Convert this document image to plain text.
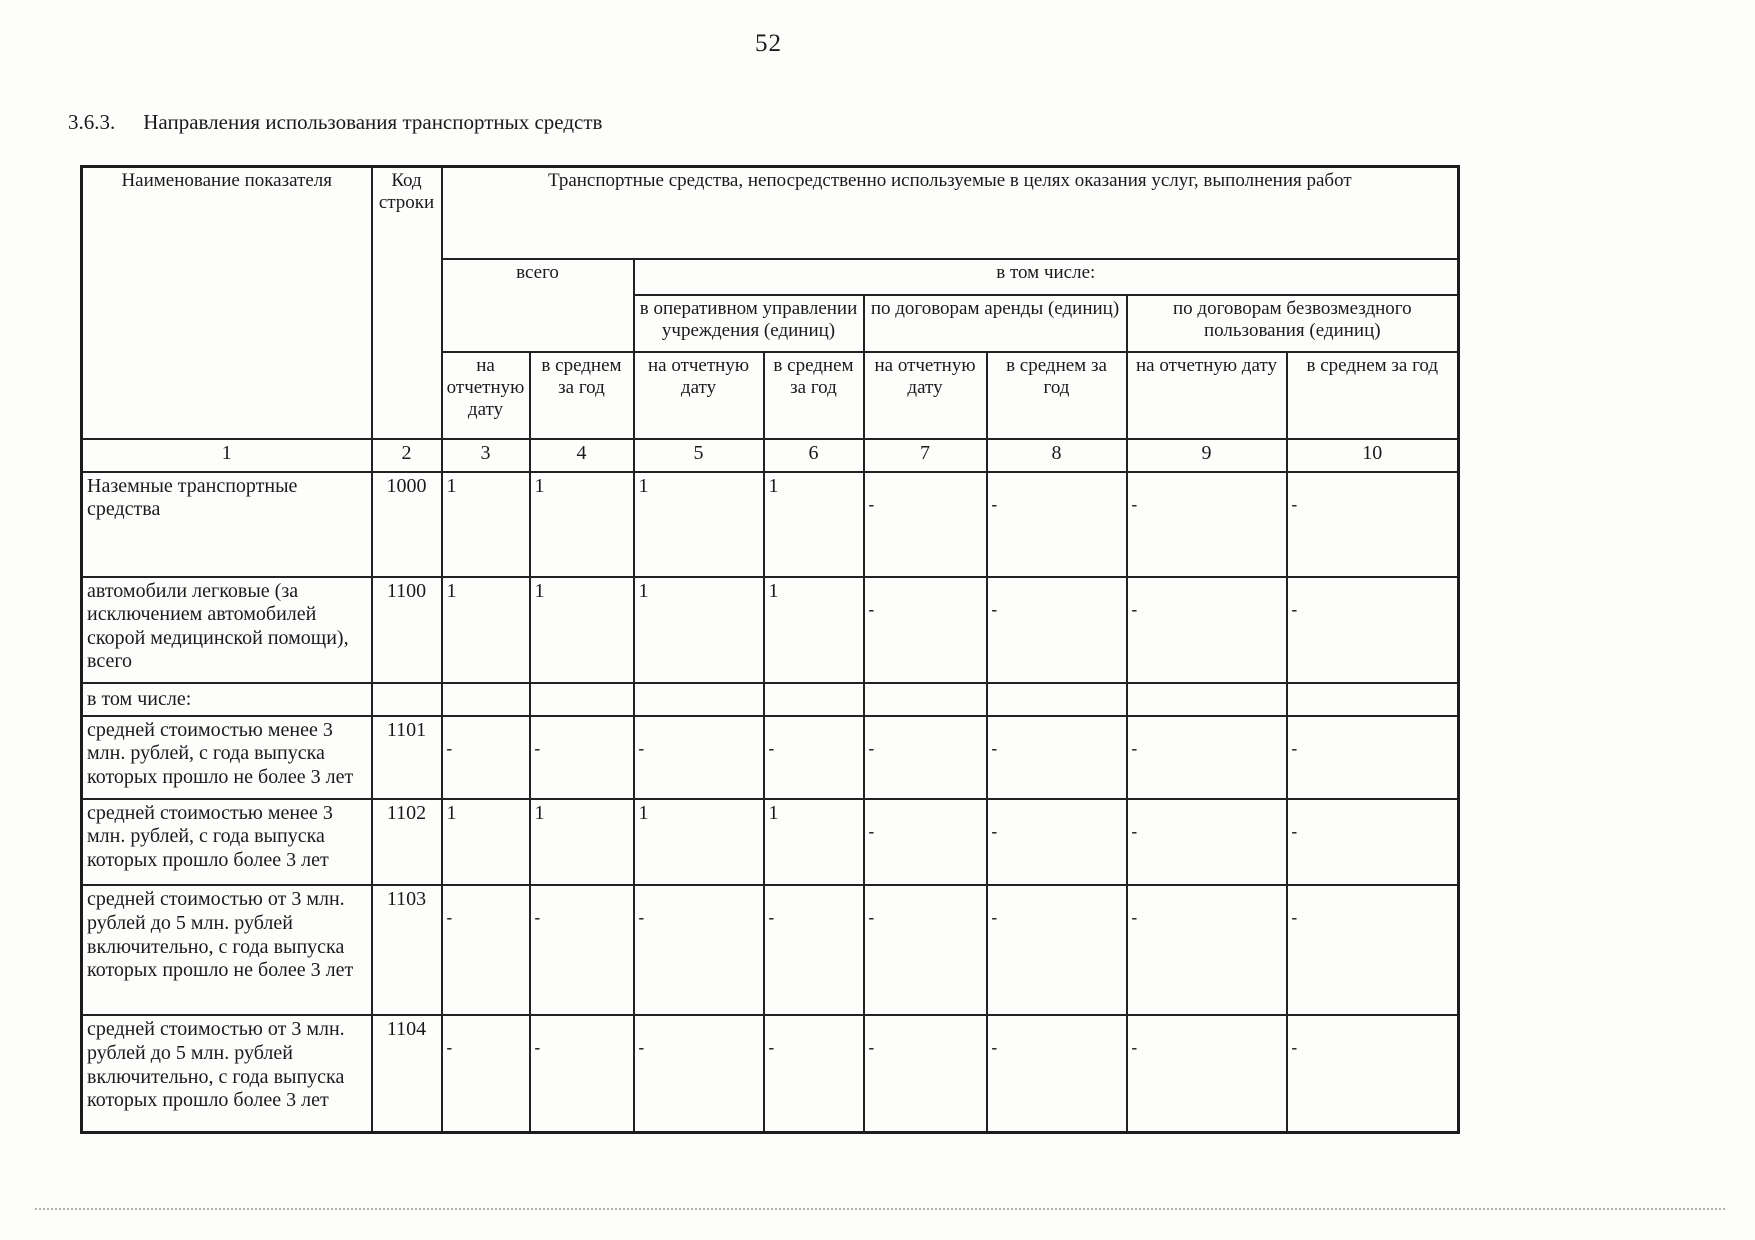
52
3.6.3. Направления использования транспортных средств
Наименование показателя	Код строки	Транспортные средства, непосредственно используемые в целях оказания услуг, выполнения работ							
		всего		в том числе:					
				в оперативном управлении учреждения (единиц)		по договорам аренды (единиц)		по договорам безвозмездного пользования (единиц)	
		на отчетную дату	в среднем за год	на отчетную дату	в среднем за год	на отчетную дату	в среднем за год	на отчетную дату	в среднем за год
1	2	3	4	5	6	7	8	9	10
Наземные транспортные средства	1000	1	1	1	1	-	-	-	-
автомобили легковые (за исключением автомобилей скорой медицинской помощи), всего	1100	1	1	1	1	-	-	-	-
в том числе:									
средней стоимостью менее 3 млн. рублей, с года выпуска которых прошло не более 3 лет	1101	-	-	-	-	-	-	-	-
средней стоимостью менее 3 млн. рублей, с года выпуска которых прошло более 3 лет	1102	1	1	1	1	-	-	-	-
средней стоимостью от 3 млн. рублей до 5 млн. рублей включительно, с года выпуска которых прошло не более 3 лет	1103	-	-	-	-	-	-	-	-
средней стоимостью от 3 млн. рублей до 5 млн. рублей включительно, с года выпуска которых прошло более 3 лет	1104	-	-	-	-	-	-	-	-
